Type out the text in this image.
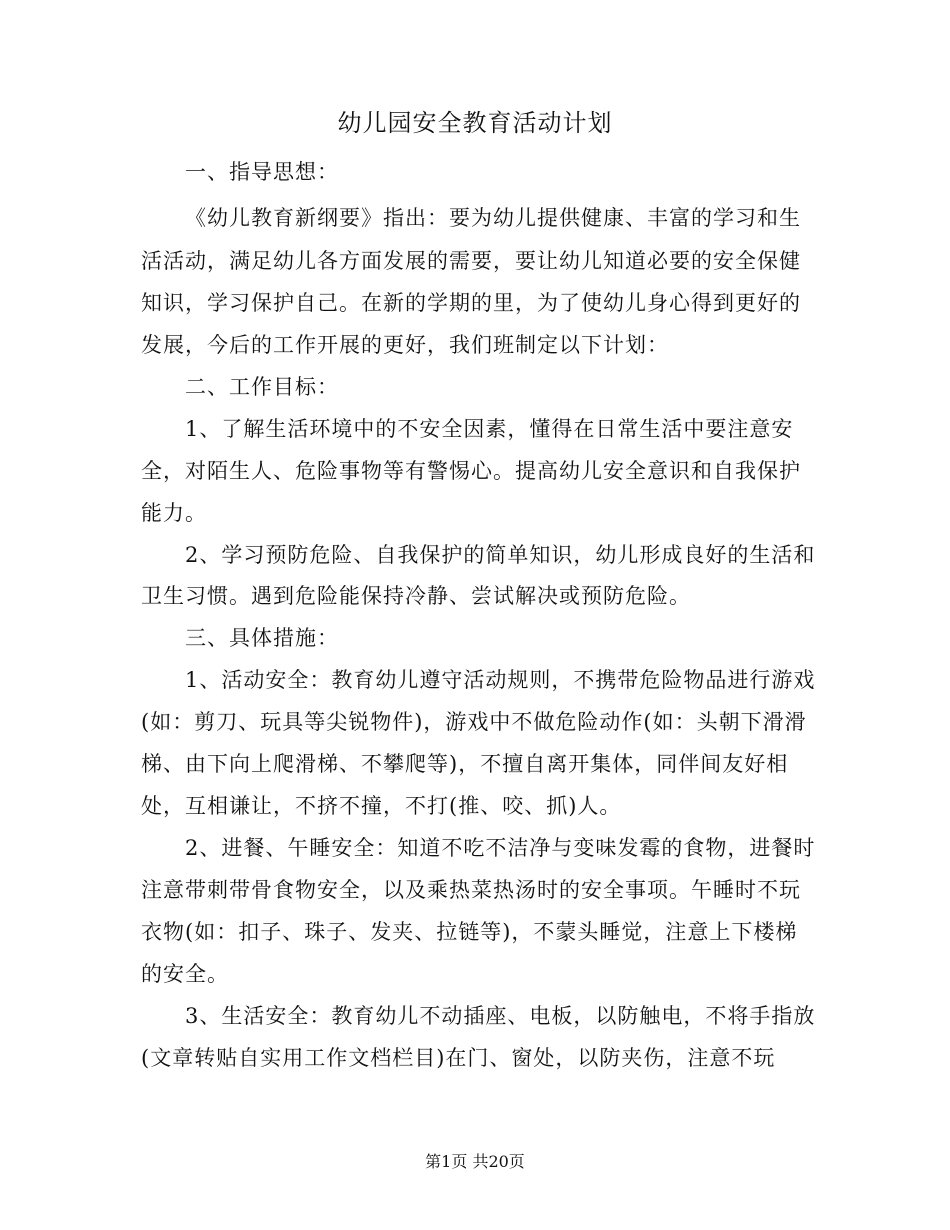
幼儿园安全教育活动计划
一、指导思想：
《幼儿教育新纲要》指出：要为幼儿提供健康、丰富的学习和生
活活动，满足幼儿各方面发展的需要，要让幼儿知道必要的安全保健
知识，学习保护自己。在新的学期的里，为了使幼儿身心得到更好的
发展，今后的工作开展的更好，我们班制定以下计划：
二、工作目标：
1、了解生活环境中的不安全因素，懂得在日常生活中要注意安
全，对陌生人、危险事物等有警惕心。提高幼儿安全意识和自我保护
能力。
2、学习预防危险、自我保护的简单知识，幼儿形成良好的生活和
卫生习惯。遇到危险能保持冷静、尝试解决或预防危险。
三、具体措施：
1、活动安全：教育幼儿遵守活动规则，不携带危险物品进行游戏
(如：剪刀、玩具等尖锐物件)，游戏中不做危险动作(如：头朝下滑滑
梯、由下向上爬滑梯、不攀爬等)，不擅自离开集体，同伴间友好相
处，互相谦让，不挤不撞，不打(推、咬、抓)人。
2、进餐、午睡安全：知道不吃不洁净与变味发霉的食物，进餐时
注意带刺带骨食物安全，以及乘热菜热汤时的安全事项。午睡时不玩
衣物(如：扣子、珠子、发夹、拉链等)，不蒙头睡觉，注意上下楼梯
的安全。
3、生活安全：教育幼儿不动插座、电板，以防触电，不将手指放
(文章转贴自实用工作文档栏目)在门、窗处，以防夹伤，注意不玩
第1页 共20页
